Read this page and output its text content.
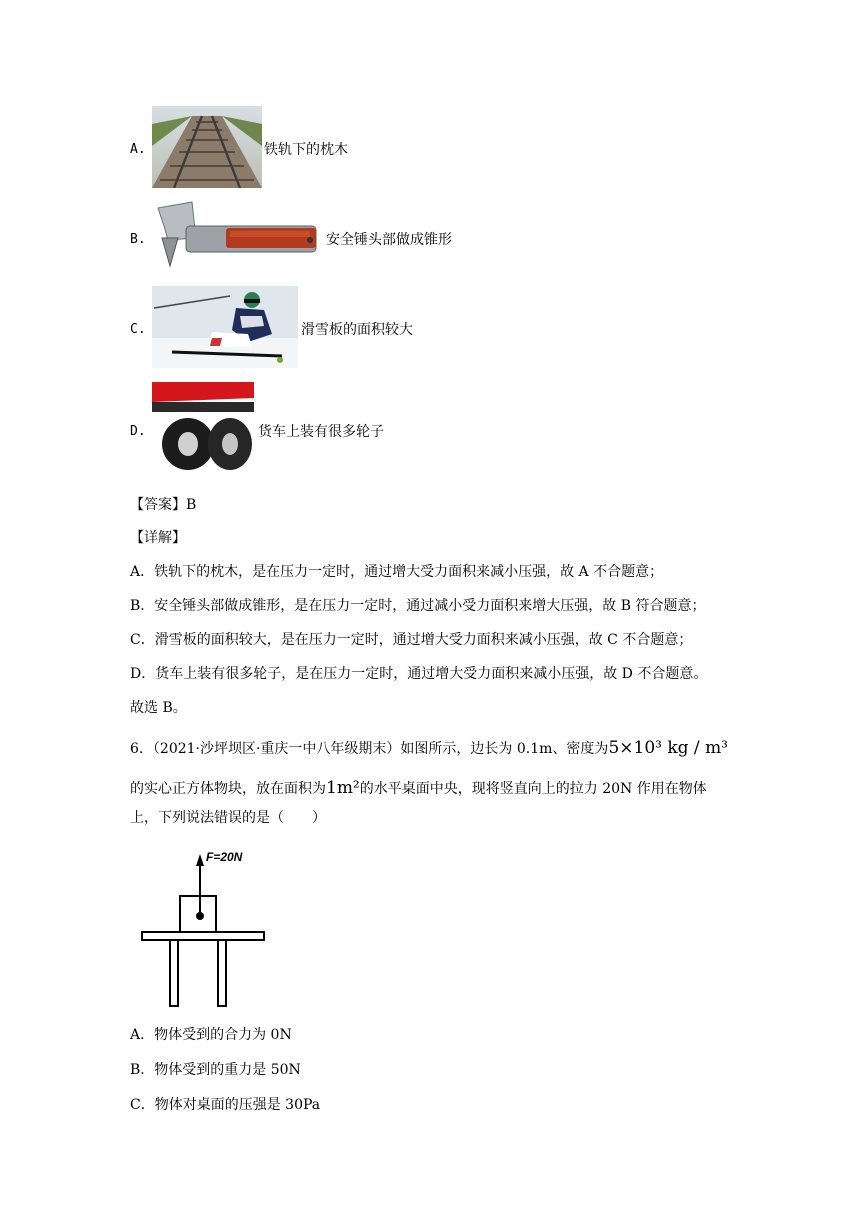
A.	铁轨下的枕木
B.	安全锤头部做成锥形
C.	滑雪板的面积较大
D.	货车上装有很多轮子
【答案】B
【详解】
A．铁轨下的枕木，是在压力一定时，通过增大受力面积来减小压强，故 A 不合题意；
B．安全锤头部做成锥形，是在压力一定时，通过减小受力面积来增大压强，故 B 符合题意；
C．滑雪板的面积较大，是在压力一定时，通过增大受力面积来减小压强，故 C 不合题意；
D．货车上装有很多轮子，是在压力一定时，通过增大受力面积来减小压强，故 D 不合题意。
故选 B。
6．（2021·沙坪坝区·重庆一中八年级期末）如图所示，边长为 0.1m、密度为5×10³ kg / m³
的实心正方体物块，放在面积为1m²的水平桌面中央，现将竖直向上的拉力 20N 作用在物体
上，下列说法错误的是（　　）
F=20N
A．物体受到的合力为 0N
B．物体受到的重力是 50N
C．物体对桌面的压强是 30Pa
